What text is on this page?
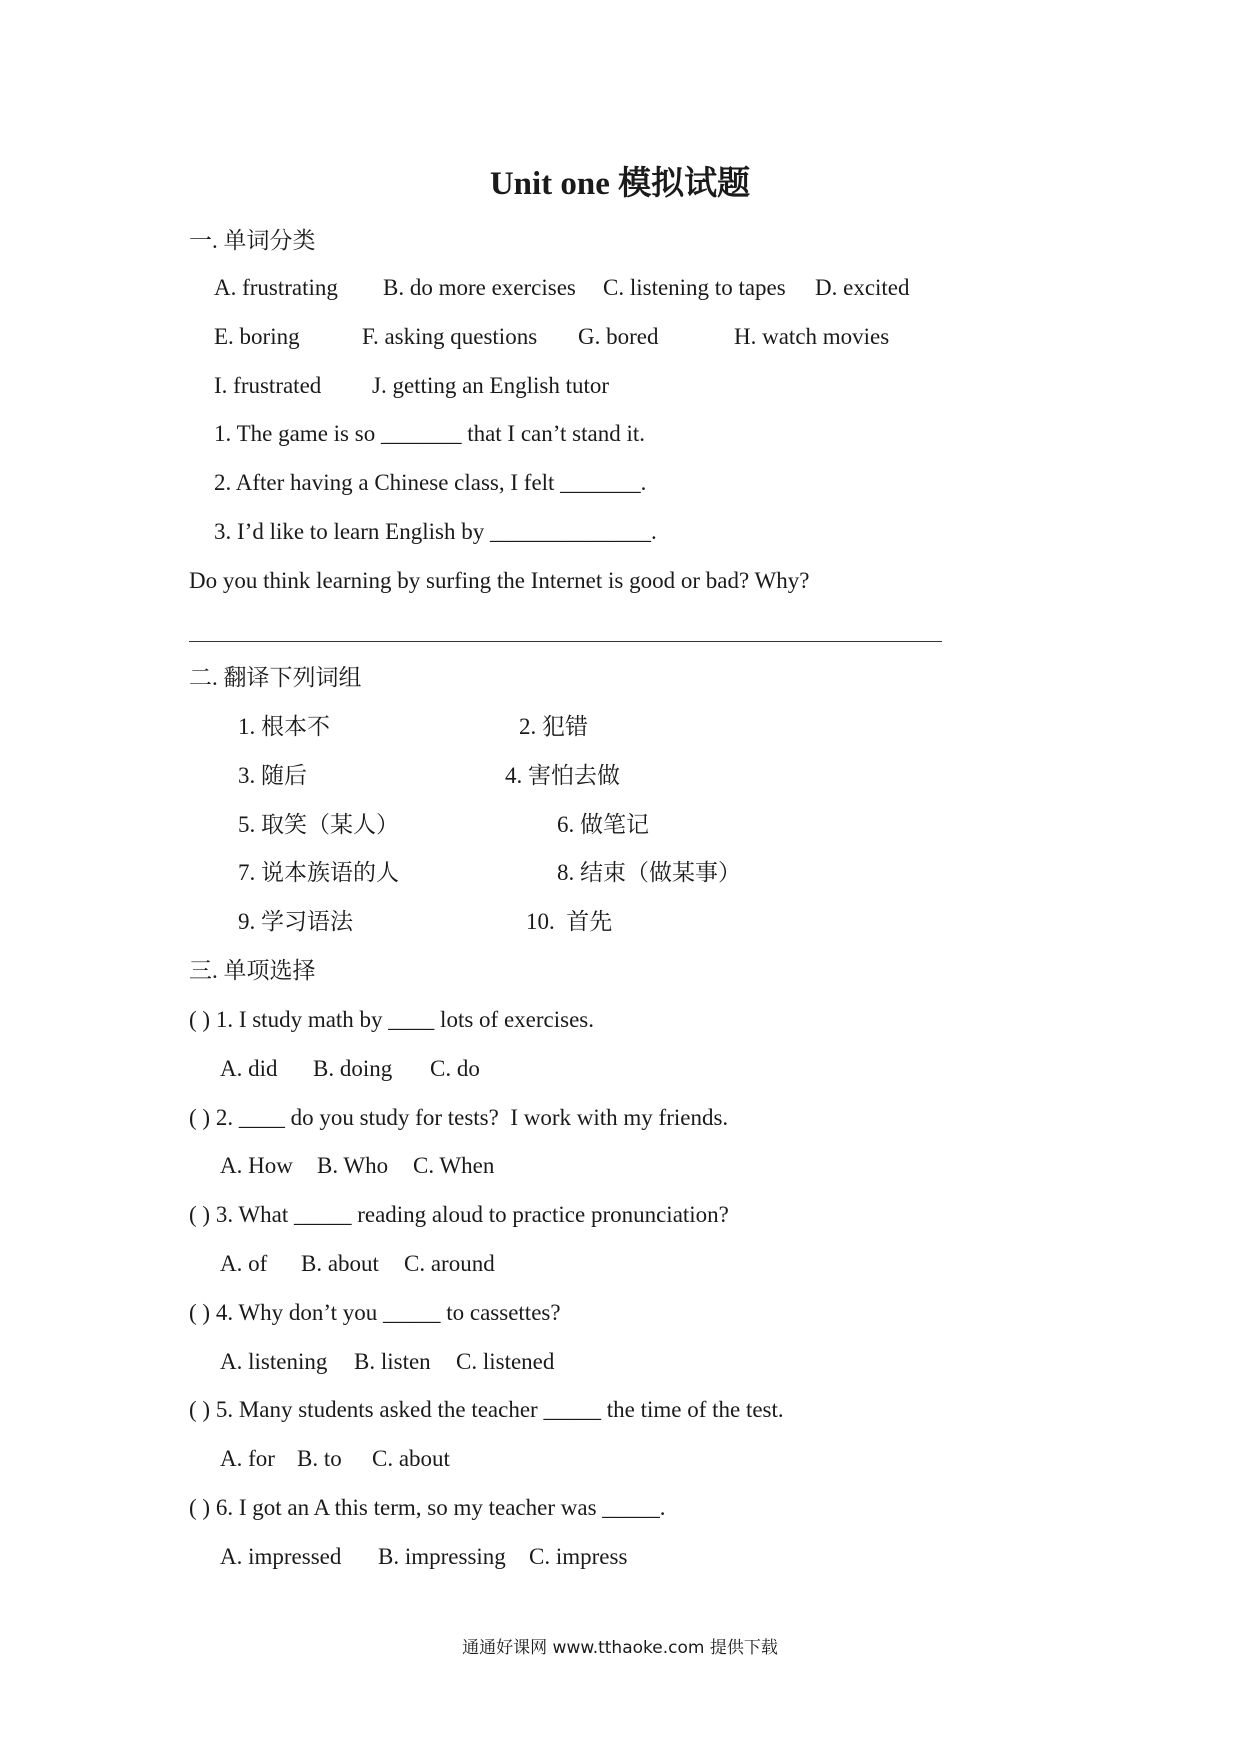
Unit one 模拟试题
一. 单词分类
A. frustrating B. do more exercises C. listening to tapes D. excited
E. boring	F. asking questions G. bored	H. watch movies
I. frustrated J. getting an English tutor
1. The game is so _______ that I can’t stand it.
2. After having a Chinese class, I felt _______.
3. I’d like to learn English by ______________.
Do you think learning by surfing the Internet is good or bad? Why?
二. 翻译下列词组
1. 根本不	2. 犯错
3. 随后	4. 害怕去做
5. 取笑（某人）	6. 做笔记
7. 说本族语的人	8. 结束（做某事）
9. 学习语法	10.  首先
三. 单项选择
( ) 1. I study math by ____ lots of exercises.
A. did B. doing C. do
( ) 2. ____ do you study for tests?  I work with my friends.
A. How B. Who C. When
( ) 3. What _____ reading aloud to practice pronunciation?
A. of B. about C. around
( ) 4. Why don’t you _____ to cassettes?
A. listening B. listen C. listened
( ) 5. Many students asked the teacher _____ the time of the test.
A. for B. to C. about
( ) 6. I got an A this term, so my teacher was _____.
A. impressed B. impressing C. impress
通通好课网 www.tthaoke.com 提供下载
